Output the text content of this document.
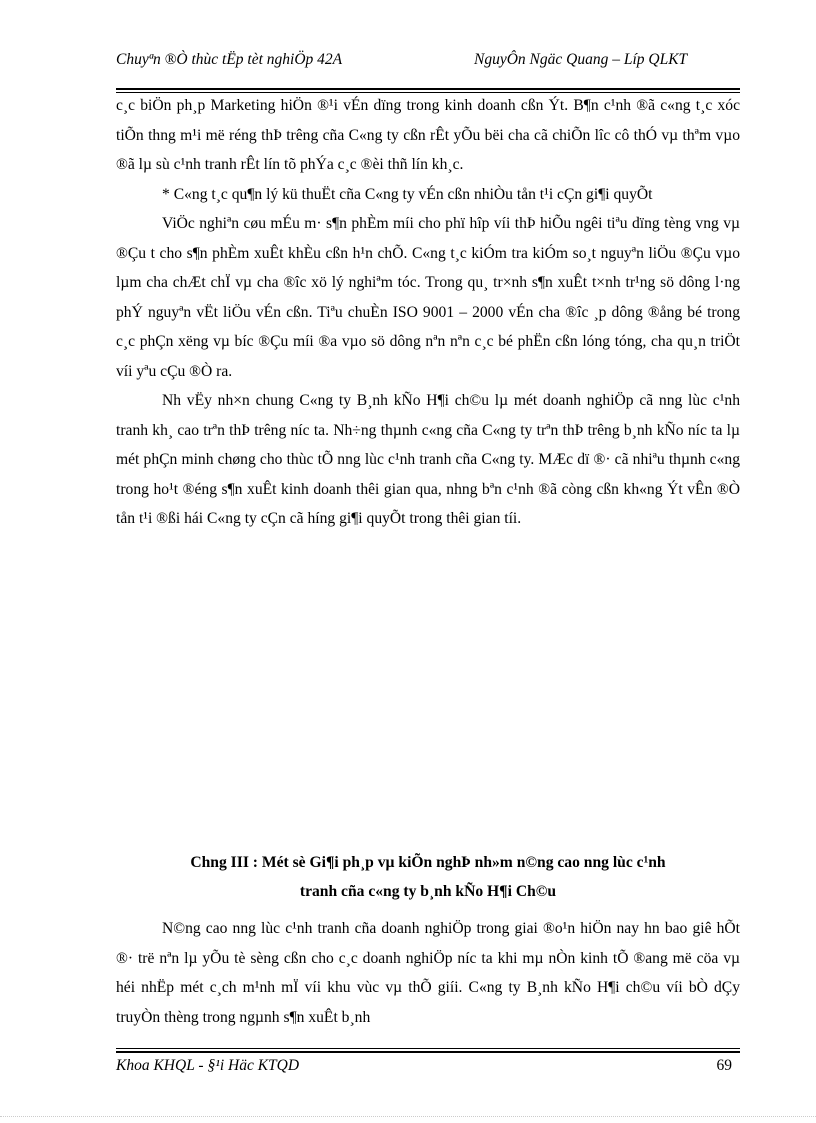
Chuyªn ®Ò thùc tËp tèt nghiÖp 42A	NguyÔn Ngäc Quang – Líp QLKT

c¸c biÖn ph¸p Marketing hiÖn ®¹i vÉn dïng trong kinh doanh cßn Ýt. B¶n c¹nh ®ã c«ng t¸c xóc tiÕn thng m¹i më réng thÞ trêng cña C«ng ty cßn rÊt yÕu bëi cha cã chiÕn lîc cô thÓ vµ thªm vµo ®ã lµ sù c¹nh tranh rÊt lín tõ phÝa c¸c ®èi thñ lín kh¸c.

* C«ng t¸c qu¶n lý kü thuËt cña C«ng ty vÉn cßn nhiÒu tån t¹i cÇn gi¶i quyÕt

ViÖc nghiªn cøu mÉu m· s¶n phÈm míi cho phï hîp víi thÞ hiÕu ngêi tiªu dïng tèng vng vµ ®Çu t cho s¶n phÈm xuÊt khÈu cßn h¹n chÕ. C«ng t¸c kiÓm tra kiÓm so¸t nguyªn liÖu ®Çu vµo lµm cha chÆt chÏ vµ cha ®îc xö lý nghiªm tóc. Trong qu¸ tr×nh s¶n xuÊt t×nh tr¹ng sö dông l·ng phÝ nguyªn vËt liÖu vÉn cßn. Tiªu chuÈn ISO 9001 – 2000 vÉn cha ®îc ¸p dông ®ång bé trong c¸c phÇn xëng vµ bíc ®Çu míi ®a vµo sö dông nªn nªn c¸c bé phËn cßn lóng tóng, cha qu¸n triÖt víi yªu cÇu ®Ò ra.

Nh vËy nh×n chung C«ng ty B¸nh kÑo H¶i ch©u lµ mét doanh nghiÖp cã nng lùc c¹nh tranh kh¸ cao trªn thÞ trêng níc ta. Nh÷ng thµnh c«ng cña C«ng ty trªn thÞ trêng b¸nh kÑo níc ta lµ mét phÇn minh chøng cho thùc tÕ nng lùc c¹nh tranh cña C«ng ty. MÆc dï ®· cã nhiªu thµnh c«ng trong ho¹t ®éng s¶n xuÊt kinh doanh thêi gian qua, nhng bªn c¹nh ®ã còng cßn kh«ng Ýt vÊn ®Ò tån t¹i ®ßi hái C«ng ty cÇn cã híng gi¶i quyÕt trong thêi gian tíi.

Chng III : Mét sè Gi¶i ph¸p vµ kiÕn nghÞ nh»m n©ng cao nng lùc c¹nh

tranh cña c«ng ty b¸nh kÑo H¶i Ch©u

N©ng cao nng lùc c¹nh tranh cña doanh nghiÖp trong giai ®o¹n hiÖn nay hn bao giê hÕt ®· trë nªn lµ yÕu tè sèng cßn cho c¸c doanh nghiÖp níc ta khi mµ nÒn kinh tÕ ®ang më cöa vµ héi nhËp mét c¸ch m¹nh mÏ víi khu vùc vµ thÕ giíi. C«ng ty B¸nh kÑo H¶i ch©u víi bÒ dÇy truyÒn thèng trong ngµnh s¶n xuÊt b¸nh

Khoa KHQL - §¹i Häc KTQD	69
